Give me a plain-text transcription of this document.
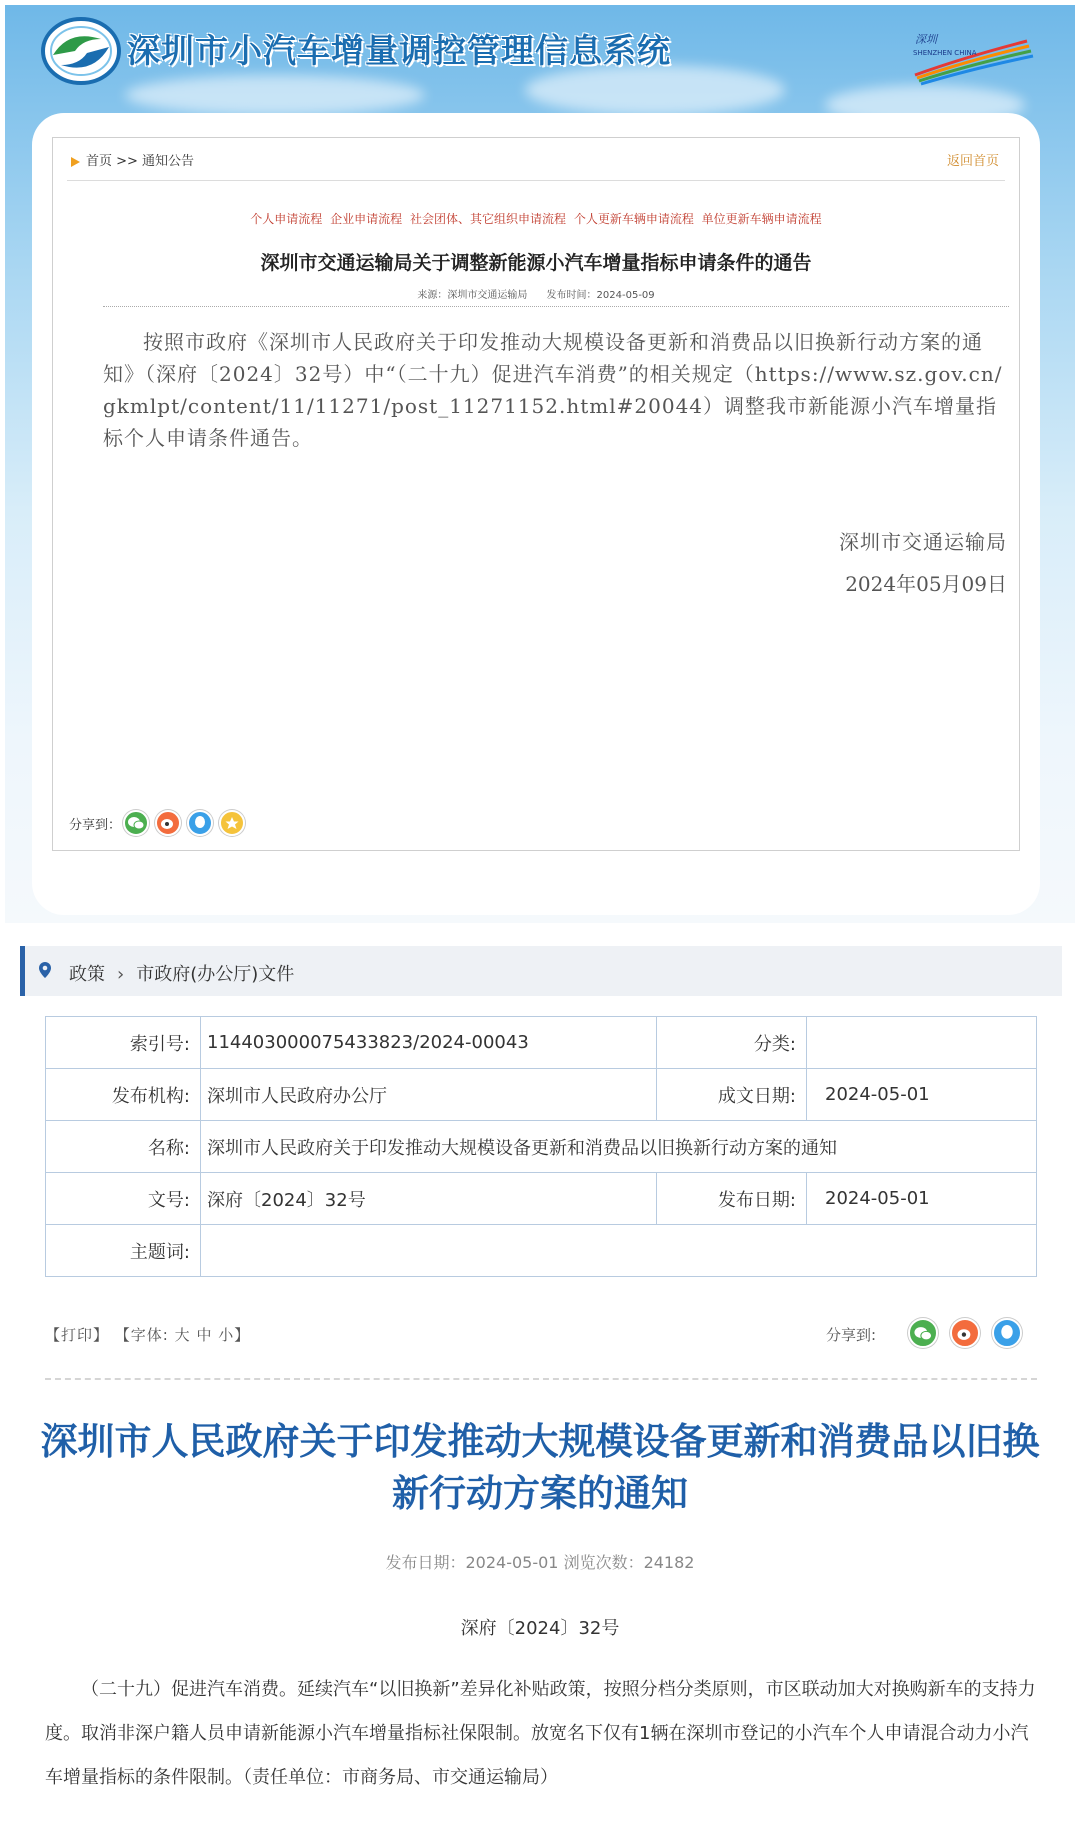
深圳市小汽车增量调控管理信息系统	深圳
SHENZHEN CHINA
首页 >> 通知公告	返回首页
个人申请流程 企业申请流程 社会团体、其它组织申请流程 个人更新车辆申请流程 单位更新车辆申请流程
深圳市交通运输局关于调整新能源小汽车增量指标申请条件的通告
来源：深圳市交通运输局 发布时间：2024-05-09
按照市政府《深圳市人民政府关于印发推动大规模设备更新和消费品以旧换新行动方案的通知》（深府〔2024〕32号）中“（二十九）促进汽车消费”的相关规定（https://www.sz.gov.cn/gkmlpt/content/11/11271/post_11271152.html#20044）调整我市新能源小汽车增量指标个人申请条件通告。
深圳市交通运输局
2024年05月09日
分享到：
政策 › 市政府(办公厅)文件
索引号:	114403000075433823/2024-00043	分类:	
发布机构:	深圳市人民政府办公厅	成文日期:	2024-05-01
名称:	深圳市人民政府关于印发推动大规模设备更新和消费品以旧换新行动方案的通知		
文号:	深府〔2024〕32号	发布日期:	2024-05-01
主题词:			
【打印】 【字体: 大 中 小】	分享到:
深圳市人民政府关于印发推动大规模设备更新和消费品以旧换新行动方案的通知
发布日期：2024-05-01 浏览次数：24182
深府〔2024〕32号
（二十九）促进汽车消费。延续汽车“以旧换新”差异化补贴政策，按照分档分类原则，市区联动加大对换购新车的支持力度。取消非深户籍人员申请新能源小汽车增量指标社保限制。放宽名下仅有1辆在深圳市登记的小汽车个人申请混合动力小汽车增量指标的条件限制。（责任单位：市商务局、市交通运输局）
